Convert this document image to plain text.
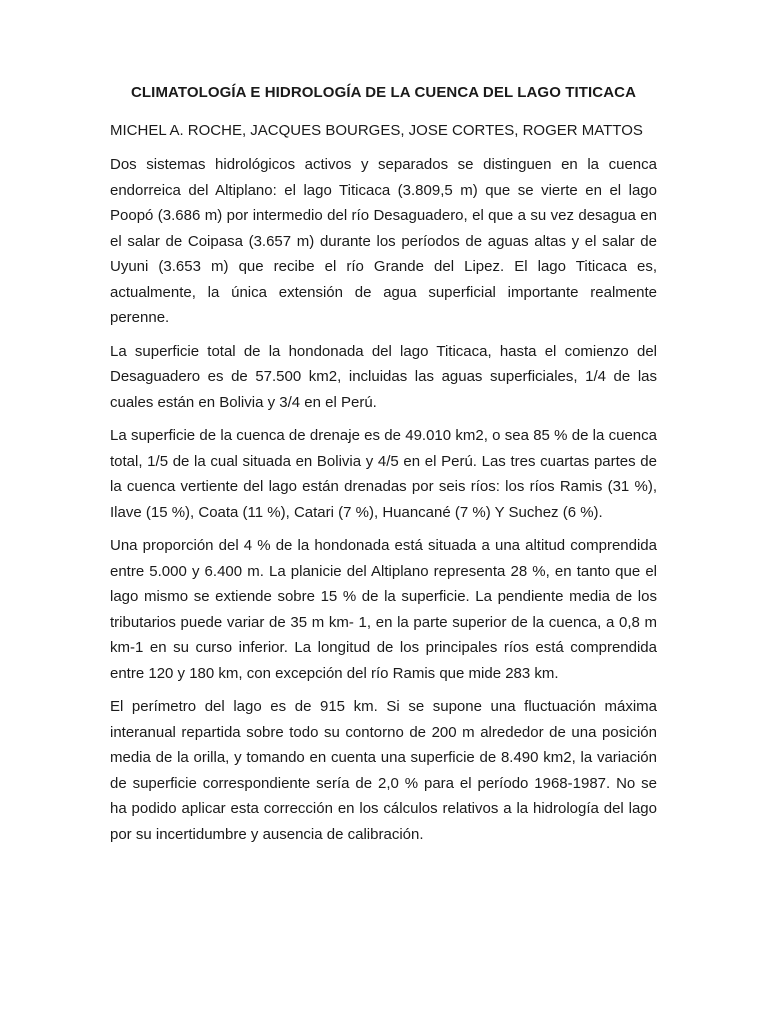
CLIMATOLOGÍA E HIDROLOGÍA DE LA CUENCA DEL LAGO TITICACA

MICHEL A. ROCHE, JACQUES BOURGES, JOSE CORTES, ROGER MATTOS

Dos sistemas hidrológicos activos y separados se distinguen en la cuenca endorreica del Altiplano: el lago Titicaca (3.809,5 m) que se vierte en el lago Poopó (3.686 m) por intermedio del río Desaguadero, el que a su vez desagua en el salar de Coipasa (3.657 m) durante los períodos de aguas altas y el salar de Uyuni (3.653 m) que recibe el río Grande del Lipez. El lago Titicaca es, actualmente, la única extensión de agua superficial importante realmente perenne.

La superficie total de la hondonada del lago Titicaca, hasta el comienzo del Desaguadero es de 57.500 km2, incluidas las aguas superficiales, 1/4 de las cuales están en Bolivia y 3/4 en el Perú.

La superficie de la cuenca de drenaje es de 49.010 km2, o sea 85 % de la cuenca total, 1/5 de la cual situada en Bolivia y 4/5 en el Perú. Las tres cuartas partes de la cuenca vertiente del lago están drenadas por seis ríos: los ríos Ramis (31 %), Ilave (15 %), Coata (11 %), Catari (7 %), Huancané (7 %) Y Suchez (6 %).

Una proporción del 4 % de la hondonada está situada a una altitud comprendida entre 5.000 y 6.400 m. La planicie del Altiplano representa 28 %, en tanto que el lago mismo se extiende sobre 15 % de la superficie. La pendiente media de los tributarios puede variar de 35 m km- 1, en la parte superior de la cuenca, a 0,8 m km-1 en su curso inferior. La longitud de los principales ríos está comprendida entre 120 y 180 km, con excepción del río Ramis que mide 283 km.

El perímetro del lago es de 915 km. Si se supone una fluctuación máxima interanual repartida sobre todo su contorno de 200 m alrededor de una posición media de la orilla, y tomando en cuenta una superficie de 8.490 km2, la variación de superficie correspondiente sería de 2,0 % para el período 1968-1987. No se ha podido aplicar esta corrección en los cálculos relativos a la hidrología del lago por su incertidumbre y ausencia de calibración.
